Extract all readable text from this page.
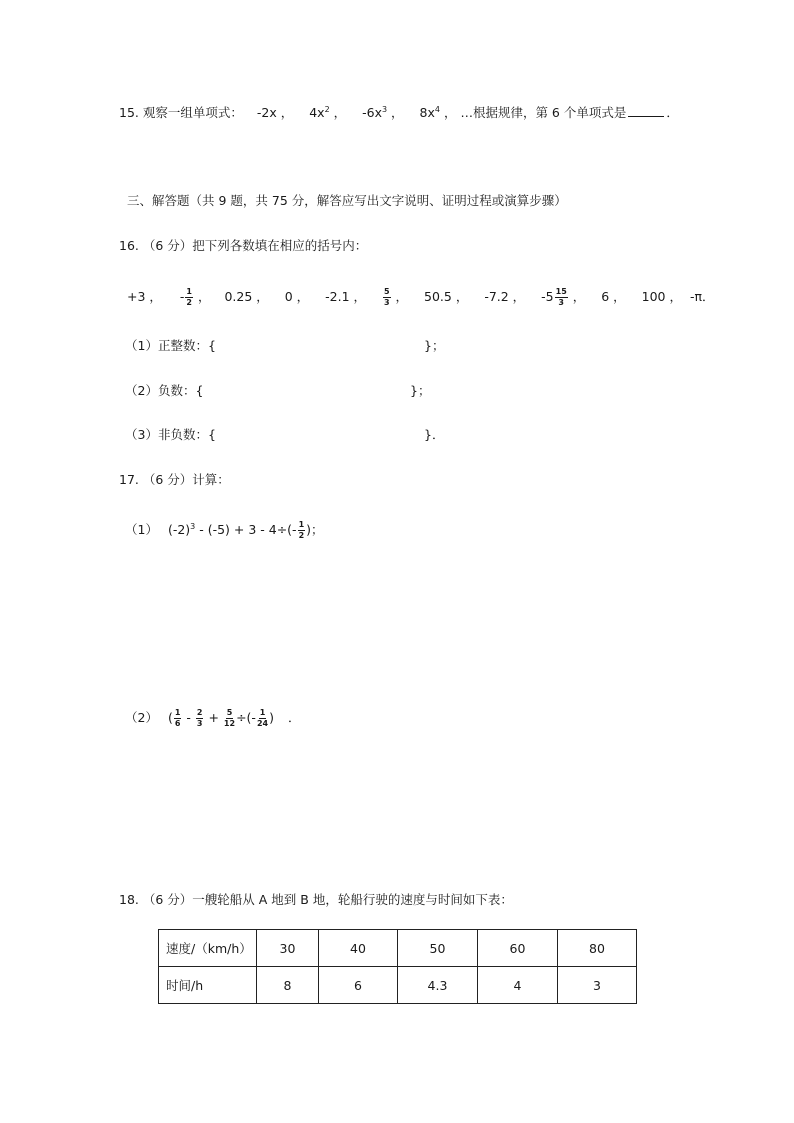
15. 观察一组单项式： -2x ， $4x^2$ ， $-6x^3$ ， $8x^4$ ， …根据规律，第 6 个单项式是	．
三、解答题（共 9 题，共 75 分，解答应写出文字说明、证明过程或演算步骤）
16. （6 分）把下列各数填在相应的括号内：
+3 ， - $\frac{1}{2}$ ， 0.25 ， 0 ， -2.1 ， $\frac{5}{3}$ ， 50.5 ， -7.2 ， $-5 \frac{15}{3}$ ， 6 ， 100 ， -π．
（1）正整数：{	}；
（2）负数：{	}；
（3）非负数：{	}．
17. （6 分）计算：
（1） $(-2)^3 - (-5) + 3 - 4\div(- \frac{1}{2}$ )；
（2） ( $\frac{1}{6} - \frac{2}{3} + \frac{5}{12}$ ÷(- $\frac{1}{24}$ ) ．
18. （6 分）一艘轮船从 A 地到 B 地，轮船行驶的速度与时间如下表：
速度/（km/h）	30	40	50	60	80
时间/h	8	6	4.3	4	3
